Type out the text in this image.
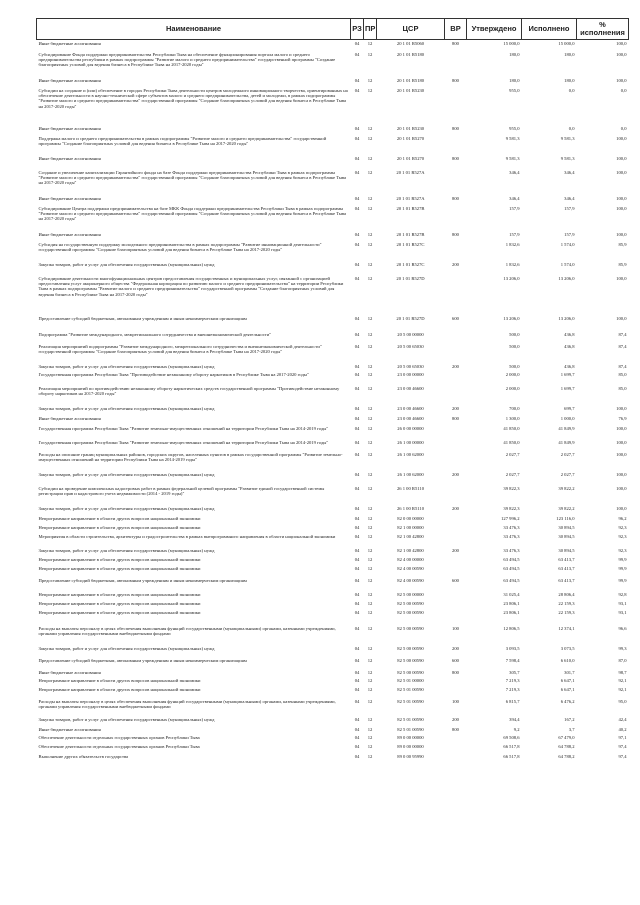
Наименование	РЗ	ПР	ЦСР	ВР	Утверждено	Исполнено	%
исполнения
Иные бюджетные ассигнования	04	12	20 1 01 R5060	800	15 000,0	15 000,0	100,0
Субсидирование Фонда поддержки предпринимательства Республики Тыва на обеспечение функционирования портала малого и среднего предпринимательства республики в рамках подпрограммы "Развитие малого и среднего предпринимательства" государственной программы "Создание благоприятных условий для ведения бизнеса в Республике Тыва на 2017-2020 годы"	04	12	20 1 01 R5180		180,0	180,0	100,0
Иные бюджетные ассигнования	04	12	20 1 01 R5180	800	180,0	180,0	100,0
Субсидии на создание и (или) обеспечение в городах Республики Тыва деятельности центров молодежного инновационного творчества, ориентированных на обеспечение деятельности в научно-технической сфере субъектов малого и среднего предпринимательства, детей и молодежи, в рамках подпрограммы "Развитие малого и среднего предпринимательства" государственной программы "Создание благоприятных условий для ведения бизнеса в Республике Тыва на 2017-2020 годы"	04	12	20 1 01 R5230		955,0	0,0	0,0
Иные бюджетные ассигнования	04	12	20 1 01 R5230	800	955,0	0,0	0,0
Поддержка малого и среднего предпринимательства в рамках подпрограммы "Развитие малого и среднего предпринимательства" государственной программы "Создание благоприятных условий для ведения бизнеса в Республике Тыва на 2017-2020 годы"	04	12	20 1 01 R5270		9 581,3	9 581,3	100,0
Иные бюджетные ассигнования	04	12	20 1 01 R5270	800	9 581,3	9 581,3	100,0
Создание и увеличение капитализации Гарантийного фонда на базе Фонда поддержки предпринимательства Республики Тыва в рамках подпрограммы "Развитие малого и среднего предпринимательства" государственной программы "Создание благоприятных условий для ведения бизнеса в Республике Тыва на 2017-2020 годы"	04	12	20 1 01 R527A		346,4	346,4	100,0
Иные бюджетные ассигнования	04	12	20 1 01 R527A	800	346,4	346,4	100,0
Субсидирование Центра поддержки предпринимательства на базе МКК Фонда поддержки предпринимательства Республики Тыва в рамках подпрограммы "Развитие малого и среднего предпринимательства" государственной программы "Создание благоприятных условий для ведения бизнеса в Республике Тыва на 2017-2020 годы"	04	12	20 1 01 R527B		157,9	157,9	100,0
Иные бюджетные ассигнования	04	12	20 1 01 R527B	800	157,9	157,9	100,0
Субсидия на государственную поддержку молодежного предпринимательства в рамках подпрограммы "Развитие инновационной деятельности" государственной программы "Создание благоприятных условий для ведения бизнеса в Республике Тыва на 2017-2020 годы"	04	12	20 1 01 R527C		1 832,6	1 574,0	85,9
Закупка товаров, работ и услуг для обеспечения государственных (муниципальных) нужд	04	12	20 1 01 R527C	200	1 832,6	1 574,0	85,9
Субсидирование деятельности многофункциональных центров предоставления государственных и муниципальных услуг, связанной с организацией предоставления услуг акционерного общества "Федеральная корпорация по развитию малого и среднего предпринимательства" на территории Республики Тыва в рамках подпрограммы "Развитие малого и среднего предпринимательства" государственной программы "Создание благоприятных условий для ведения бизнеса в Республике Тыва на 2017-2020 годы"	04	12	20 1 01 R527D		13 206,0	13 206,0	100,0
Предоставление субсидий бюджетным, автономным учреждениям и иным некоммерческим организациям	04	12	20 1 01 R527D	600	13 206,0	13 206,0	100,0
Подпрограмма "Развитие международного, межрегионального сотрудничества и внешнеэкономической деятельности"	04	12	20 5 00 00000		500,0	436,8	87,4
Реализация мероприятий подпрограммы "Развитие международного, межрегионального сотрудничества и внешнеэкономической деятельности" государственной программы "Создание благоприятных условий для ведения бизнеса в Республике Тыва на 2017-2020 годы"	04	12	20 5 00 65030		500,0	436,8	87,4
Закупка товаров, работ и услуг для обеспечения государственных (муниципальных) нужд	04	12	20 5 00 65030	200	500,0	436,8	87,4
Государственная программа Республики Тыва "Противодействие незаконному обороту наркотиков в Республике Тыва на 2017-2020 годы"	04	12	23 0 00 00000		2 000,0	1 699,7	85,0
Реализация мероприятий по противодействию незаконному обороту наркотических средств государственной программы "Противодействие незаконному обороту наркотиков на 2017-2020 годы"	04	12	23 0 00 46600		2 000,0	1 699,7	85,0
Закупка товаров, работ и услуг для обеспечения государственных (муниципальных) нужд	04	12	23 0 00 46600	200	700,0	699,7	100,0
Иные бюджетные ассигнования	04	12	23 0 00 46600	800	1 300,0	1 000,0	76,9
Государственная программа Республики Тыва "Развитие земельно-имущественных отношений на территории Республики Тыва на 2014-2019 годы"	04	12	26 0 00 00000		41 850,0	41 849,9	100,0
Государственная программа Республики Тыва "Развитие земельно-имущественных отношений на территории Республики Тыва на 2014-2019 годы"	04	12	26 1 00 00000		41 850,0	41 849,9	100,0
Расходы на описание границ муниципальных районов, городских округов, населенных пунктов в рамках государственной программы "Развитие земельно-имущественных отношений на территории Республики Тыва на 2014-2019 годы"	04	12	26 1 00 62000		2 027,7	2 027,7	100,0
Закупка товаров, работ и услуг для обеспечения государственных (муниципальных) нужд	04	12	26 1 00 62000	200	2 027,7	2 027,7	100,0
Субсидии на проведение комплексных кадастровых работ в рамках федеральной целевой программы "Развитие единой государственной системы регистрации прав и кадастрового учета недвижимости (2014 - 2019 годы)"	04	12	26 1 00 R5110		39 822,3	39 822,2	100,0
Закупка товаров, работ и услуг для обеспечения государственных (муниципальных) нужд	04	12	26 1 00 R5110	200	39 822,3	39 822,2	100,0
Непрограммное направление в области других вопросов национальной экономики	04	12	82 0 00 00000		127 996,2	123 116,0	96,2
Непрограммное направление в области других вопросов национальной экономики	04	12	82 1 00 00000		33 476,3	30 894,5	92,3
Мероприятия в области строительства, архитектуры и градостроительства в рамках внепрограммного направления в области национальной экономики	04	12	82 1 00 42800		33 476,3	30 894,5	92,3
Закупка товаров, работ и услуг для обеспечения государственных (муниципальных) нужд	04	12	82 1 00 42800	200	33 476,3	30 894,5	92,3
Непрограммное направление в области других вопросов национальной экономики	04	12	82 4 00 00000		63 494,5	63 413,7	99,9
Непрограммное направление в области других вопросов национальной экономики	04	12	82 4 00 00590		63 494,5	63 413,7	99,9
Предоставление субсидий бюджетным, автономным учреждениям и иным некоммерческим организациям	04	12	82 4 00 00590	600	63 494,5	63 413,7	99,9
Непрограммное направление в области других вопросов национальной экономики	04	12	82 5 00 00000		31 025,4	28 806,4	92,8
Непрограммное направление в области других вопросов национальной экономики	04	12	82 5 00 00590		23 806,1	22 159,3	93,1
Непрограммное направление в области других вопросов национальной экономики	04	12	82 5 00 00590		23 806,1	22 159,3	93,1
Расходы на выплаты персоналу в целях обеспечения выполнения функций государственными (муниципальными) органами, казенными учреждениями, органами управления государственными внебюджетными фондами	04	12	82 5 00 00590	100	12 806,5	12 374,1	96,6
Закупка товаров, работ и услуг для обеспечения государственных (муниципальных) нужд	04	12	82 5 00 00590	200	3 093,5	3 073,5	99,3
Предоставление субсидий бюджетным, автономным учреждениям и иным некоммерческим организациям	04	12	82 5 00 00590	600	7 598,4	6 610,0	87,0
Иные бюджетные ассигнования	04	12	82 5 00 00590	800	305,7	301,7	98,7
Непрограммное направление в области других вопросов национальной экономики	04	12	82 5 01 00000		7 219,3	6 647,1	92,1
Непрограммное направление в области других вопросов национальной экономики	04	12	82 5 01 00590		7 219,3	6 647,1	92,1
Расходы на выплаты персоналу в целях обеспечения выполнения функций государственными (муниципальными) органами, казенными учреждениями, органами управления государственными внебюджетными фондами	04	12	82 5 01 00590	100	6 815,7	6 476,2	95,0
Закупка товаров, работ и услуг для обеспечения государственных (муниципальных) нужд	04	12	82 5 01 00590	200	394,4	167,2	42,4
Иные бюджетные ассигнования	04	12	82 5 01 00590	800	9,2	3,7	40,2
Обеспечение деятельности отдельных государственных органов Республики Тыва	04	12	89 0 00 00000		69 508,6	67 479,0	97,1
Обеспечение деятельности отдельных государственных органов Республики Тыва	04	12	89 0 00 00000		66 517,8	64 788,2	97,4
Выполнение других обязательств государства	04	12	89 0 00 95990		66 517,8	64 788,2	97,4
